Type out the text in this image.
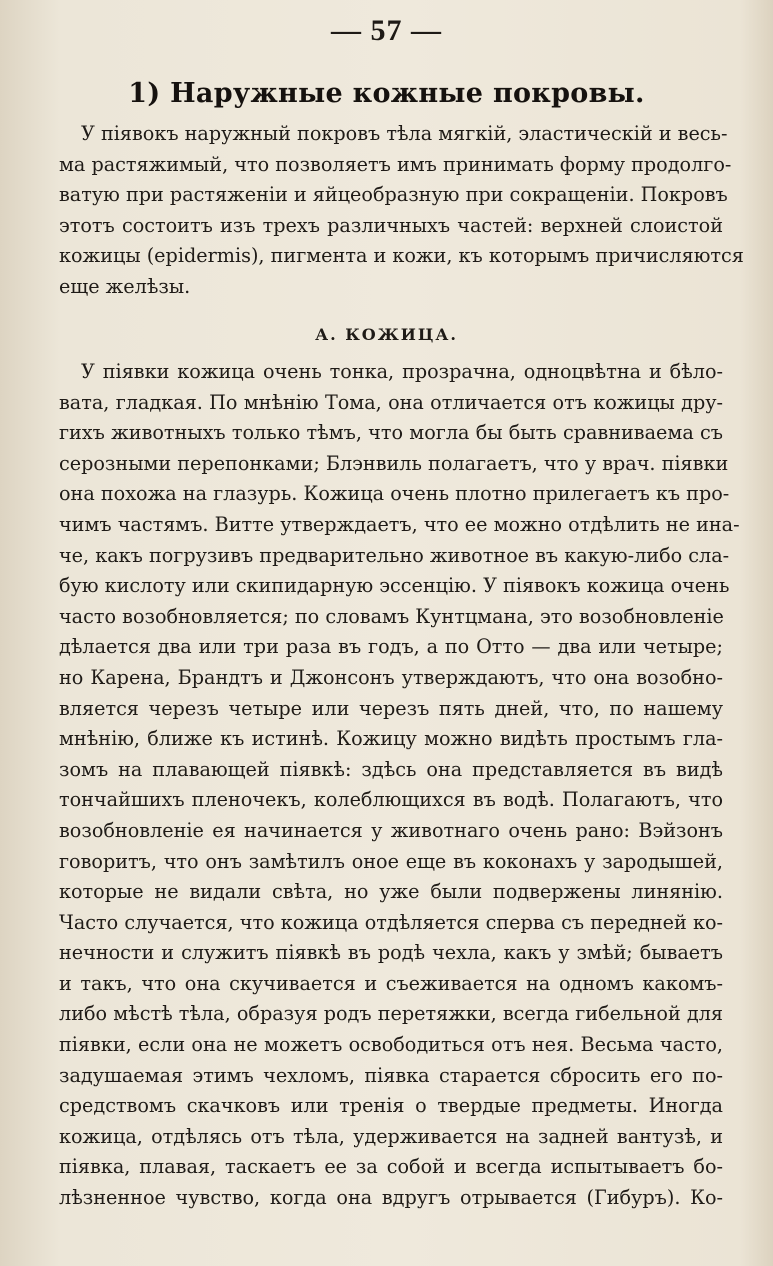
— 57 —
1) Наружные кожные покровы.
У піявокъ наружный покровъ тѣла мягкій, эластическій и весь-
ма растяжимый, что позволяетъ имъ принимать форму продолго-
ватую при растяженіи и яйцеобразную при сокращеніи. Покровъ
этотъ состоитъ изъ трехъ различныхъ частей: верхней слоистой
кожицы (epidermis), пигмента и кожи, къ которымъ причисляются
еще желѣзы.
А. КОЖИЦА.
У піявки кожица очень тонка, прозрачна, одноцвѣтна и бѣло-
вата, гладкая. По мнѣнію Тома, она отличается отъ кожицы дру-
гихъ животныхъ только тѣмъ, что могла бы быть сравниваема съ
серозными перепонками; Блэнвиль полагаетъ, что у врач. піявки
она похожа на глазурь. Кожица очень плотно прилегаетъ къ про-
чимъ частямъ. Витте утверждаетъ, что ее можно отдѣлить не ина-
че, какъ погрузивъ предварительно животное въ какую-либо сла-
бую кислоту или скипидарную эссенцію. У піявокъ кожица очень
часто возобновляется; по словамъ Кунтцмана, это возобновленіе
дѣлается два или три раза въ годъ, а по Отто — два или четыре;
но Карена, Брандтъ и Джонсонъ утверждаютъ, что она возобно-
вляется черезъ четыре или черезъ пять дней, что, по нашему
мнѣнію, ближе къ истинѣ. Кожицу можно видѣть простымъ гла-
зомъ на плавающей піявкѣ: здѣсь она представляется въ видѣ
тончайшихъ пленочекъ, колеблющихся въ водѣ. Полагаютъ, что
возобновленіе ея начинается у животнаго очень рано: Вэйзонъ
говоритъ, что онъ замѣтилъ оное еще въ коконахъ у зародышей,
которые не видали свѣта, но уже были подвержены линянію.
Часто случается, что кожица отдѣляется сперва съ передней ко-
нечности и служитъ піявкѣ въ родѣ чехла, какъ у змѣй; бываетъ
и такъ, что она скучивается и съеживается на одномъ какомъ-
либо мѣстѣ тѣла, образуя родъ перетяжки, всегда гибельной для
піявки, если она не можетъ освободиться отъ нея. Весьма часто,
задушаемая этимъ чехломъ, піявка старается сбросить его по-
средствомъ скачковъ или тренія о твердые предметы. Иногда
кожица, отдѣлясь отъ тѣла, удерживается на задней вантузѣ, и
піявка, плавая, таскаетъ ее за собой и всегда испытываетъ бо-
лѣзненное чувство, когда она вдругъ отрывается (Гибуръ). Ко-
